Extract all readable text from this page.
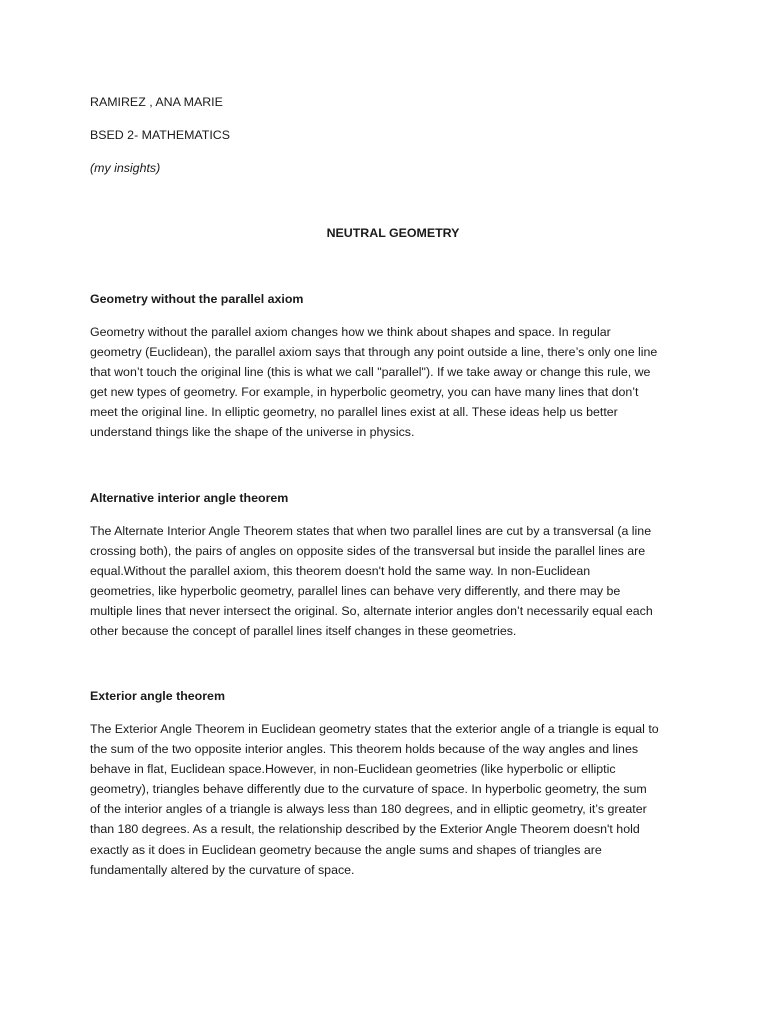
RAMIREZ , ANA MARIE

BSED 2- MATHEMATICS

(my insights)

NEUTRAL GEOMETRY

Geometry without the parallel axiom

Geometry without the parallel axiom changes how we think about shapes and space. In regular
geometry (Euclidean), the parallel axiom says that through any point outside a line, there’s only one line
that won’t touch the original line (this is what we call "parallel"). If we take away or change this rule, we
get new types of geometry. For example, in hyperbolic geometry, you can have many lines that don’t
meet the original line. In elliptic geometry, no parallel lines exist at all. These ideas help us better
understand things like the shape of the universe in physics.

Alternative interior angle theorem

The Alternate Interior Angle Theorem states that when two parallel lines are cut by a transversal (a line
crossing both), the pairs of angles on opposite sides of the transversal but inside the parallel lines are
equal.Without the parallel axiom, this theorem doesn't hold the same way. In non-Euclidean
geometries, like hyperbolic geometry, parallel lines can behave very differently, and there may be
multiple lines that never intersect the original. So, alternate interior angles don’t necessarily equal each
other because the concept of parallel lines itself changes in these geometries.

Exterior angle theorem

The Exterior Angle Theorem in Euclidean geometry states that the exterior angle of a triangle is equal to
the sum of the two opposite interior angles. This theorem holds because of the way angles and lines
behave in flat, Euclidean space.However, in non-Euclidean geometries (like hyperbolic or elliptic
geometry), triangles behave differently due to the curvature of space. In hyperbolic geometry, the sum
of the interior angles of a triangle is always less than 180 degrees, and in elliptic geometry, it’s greater
than 180 degrees. As a result, the relationship described by the Exterior Angle Theorem doesn't hold
exactly as it does in Euclidean geometry because the angle sums and shapes of triangles are
fundamentally altered by the curvature of space.
